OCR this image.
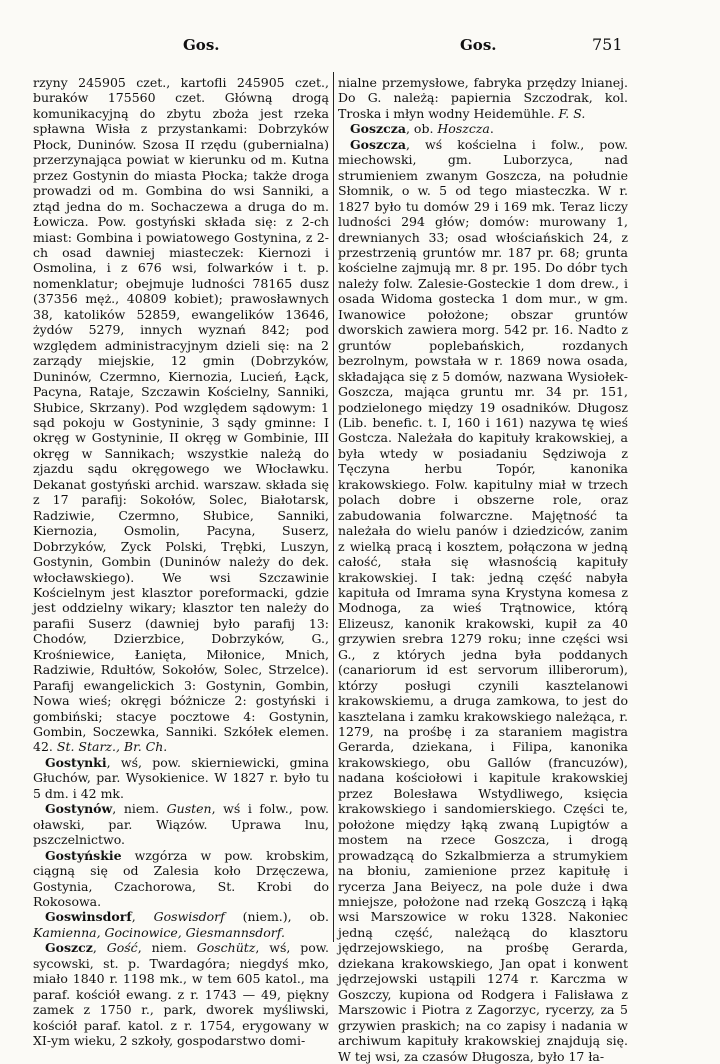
Gos.	Gos.	751

rzyny 245905 czet., kartofli 245905 czet., buraków 175560 czet. Główną drogą komunikacyjną do zbytu zboża jest rzeka spławna Wisła z przystankami: Dobrzyków Płock, Duninów. Szosa II rzędu (gubernialna) przerzynająca powiat w kierunku od m. Kutna przez Gostynin do miasta Płocka; także droga prowadzi od m. Gombina do wsi Sanniki, a ztąd jedna do m. Sochaczewa a druga do m. Łowicza. Pow. gostyński składa się: z 2-ch miast: Gombina i powiatowego Gostynina, z 2-ch osad dawniej miasteczek: Kiernozi i Osmolina, i z 676 wsi, folwarków i t. p. nomenklatur; obejmuje ludności 78165 dusz (37356 męż., 40809 kobiet); prawosławnych 38, katolików 52859, ewangelików 13646, żydów 5279, innych wyznań 842; pod względem administracyjnym dzieli się: na 2 zarządy miejskie, 12 gmin (Dobrzyków, Duninów, Czermno, Kiernozia, Lucień, Łąck, Pacyna, Rataje, Szczawin Kościelny, Sanniki, Słubice, Skrzany). Pod względem sądowym: 1 sąd pokoju w Gostyninie, 3 sądy gminne: I okręg w Gostyninie, II okręg w Gombinie, III okręg w Sannikach; wszystkie należą do zjazdu sądu okręgowego we Włocławku. Dekanat gostyński archid. warszaw. składa się z 17 parafij: Sokołów, Solec, Białotarsk, Radziwie, Czermno, Słubice, Sanniki, Kiernozia, Osmolin, Pacyna, Suserz, Dobrzyków, Zyck Polski, Trębki, Luszyn, Gostynin, Gombin (Duninów należy do dek. włocławskiego). We wsi Szczawinie Kościelnym jest klasztor poreformacki, gdzie jest oddzielny wikary; klasztor ten należy do parafii Suserz (dawniej było parafij 13: Chodów, Dzierzbice, Dobrzyków, G., Krośniewice, Łanięta, Miłonice, Mnich, Radziwie, Rdułtów, Sokołów, Solec, Strzelce). Parafij ewangelickich 3: Gostynin, Gombin, Nowa wieś; okręgi bóżnicze 2: gostyński i gombiński; stacye pocztowe 4: Gostynin, Gombin, Soczewka, Sanniki. Szkółek elemen. 42. St. Starz., Br. Ch.

Gostynki, wś, pow. skierniewicki, gmina Głuchów, par. Wysokienice. W 1827 r. było tu 5 dm. i 42 mk.

Gostynów, niem. Gusten, wś i folw., pow. oławski, par. Wiązów. Uprawa lnu, pszczelnictwo.

Gostyńskie wzgórza w pow. krobskim, ciągną się od Zalesia koło Drzęczewa, Gostynia, Czachorowa, St. Krobi do Rokosowa.

Goswinsdorf, Goswisdorf (niem.), ob. Kamienna, Gocinowice, Giesmannsdorf.

Goszcz, Gość, niem. Goschütz, wś, pow. sycowski, st. p. Twardagóra; niegdyś mko, miało 1840 r. 1198 mk., w tem 605 katol., ma paraf. kościół ewang. z r. 1743 — 49, piękny zamek z 1750 r., park, dworek myśliwski, kościół paraf. katol. z r. 1754, erygowany w XI-ym wieku, 2 szkoły, gospodarstwo domi-

nialne przemysłowe, fabryka przędzy lnianej. Do G. należą: papiernia Szczodrak, kol. Troska i młyn wodny Heidemühle. F. S.

Goszcza, ob. Hoszcza.

Goszcza, wś kościelna i folw., pow. miechowski, gm. Luborzyca, nad strumieniem zwanym Goszcza, na południe Słomnik, o w. 5 od tego miasteczka. W r. 1827 było tu domów 29 i 169 mk. Teraz liczy ludności 294 głów; domów: murowany 1, drewnianych 33; osad włościańskich 24, z przestrzenią gruntów mr. 187 pr. 68; grunta kościelne zajmują mr. 8 pr. 195. Do dóbr tych należy folw. Zalesie-Gosteckie 1 dom drew., i osada Widoma gostecka 1 dom mur., w gm. Iwanowice położone; obszar gruntów dworskich zawiera morg. 542 pr. 16. Nadto z gruntów poplebańskich, rozdanych bezrolnym, powstała w r. 1869 nowa osada, składająca się z 5 domów, nazwana Wysiołek-Goszcza, mająca gruntu mr. 34 pr. 151, podzielonego między 19 osadników. Długosz (Lib. benefic. t. I, 160 i 161) nazywa tę wieś Gostcza. Należała do kapituły krakowskiej, a była wtedy w posiadaniu Sędziwoja z Tęczyna herbu Topór, kanonika krakowskiego. Folw. kapitulny miał w trzech polach dobre i obszerne role, oraz zabudowania folwarczne. Majętność ta należała do wielu panów i dziedziców, zanim z wielką pracą i kosztem, połączona w jedną całość, stała się własnością kapituły krakowskiej. I tak: jedną część nabyła kapituła od Imrama syna Krystyna komesa z Modnoga, za wieś Trątnowice, którą Elizeusz, kanonik krakowski, kupił za 40 grzywien srebra 1279 roku; inne części wsi G., z których jedna była poddanych (canariorum id est servorum illiberorum), którzy posługi czynili kasztelanowi krakowskiemu, a druga zamkowa, to jest do kasztelana i zamku krakowskiego należąca, r. 1279, na prośbę i za staraniem magistra Gerarda, dziekana, i Filipa, kanonika krakowskiego, obu Gallów (francuzów), nadana kościołowi i kapitule krakowskiej przez Bolesława Wstydliwego, księcia krakowskiego i sandomierskiego. Części te, położone między łąką zwaną Lupigtów a mostem na rzece Goszcza, i drogą prowadzącą do Szkalbmierza a strumykiem na błoniu, zamienione przez kapitułę i rycerza Jana Beiyecz, na pole duże i dwa mniejsze, położone nad rzeką Goszczą i łąką wsi Marszowice w roku 1328. Nakoniec jedną część, należącą do klasztoru jędrzejowskiego, na prośbę Gerarda, dziekana krakowskiego, Jan opat i konwent jędrzejowski ustąpili 1274 r. Karczma w Goszczy, kupiona od Rodgera i Falisława z Marszowic i Piotra z Zagorzyc, rycerzy, za 5 grzywien praskich; na co zapisy i nadania w archiwum kapituły krakowskiej znajdują się. W tej wsi, za czasów Długosza, było 17 ła-
